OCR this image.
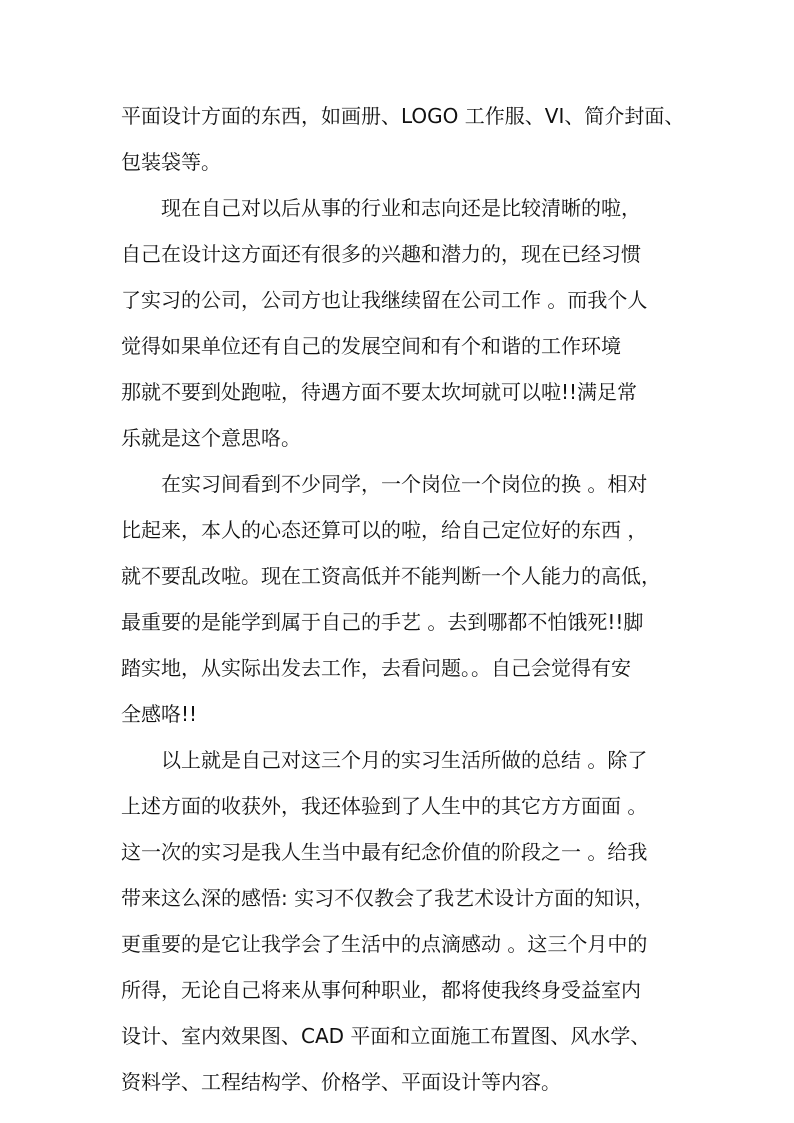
平面设计方面的东西，如画册、LOGO 工作服、VI、简介封面、
包装袋等。

现在自己对以后从事的行业和志向还是比较清晰的啦，
自己在设计这方面还有很多的兴趣和潜力的，现在已经习惯
了实习的公司，公司方也让我继续留在公司工作 。而我个人
觉得如果单位还有自己的发展空间和有个和谐的工作环境
那就不要到处跑啦，待遇方面不要太坎坷就可以啦!!满足常
乐就是这个意思咯。

在实习间看到不少同学，一个岗位一个岗位的换 。相对
比起来，本人的心态还算可以的啦，给自己定位好的东西 ，
就不要乱改啦。现在工资高低并不能判断一个人能力的高低，
最重要的是能学到属于自己的手艺 。去到哪都不怕饿死!!脚
踏实地，从实际出发去工作，去看问题。。自己会觉得有安
全感咯!!

以上就是自己对这三个月的实习生活所做的总结 。除了
上述方面的收获外，我还体验到了人生中的其它方方面面 。
这一次的实习是我人生当中最有纪念价值的阶段之一 。给我
带来这么深的感悟: 实习不仅教会了我艺术设计方面的知识，
更重要的是它让我学会了生活中的点滴感动 。这三个月中的
所得，无论自己将来从事何种职业，都将使我终身受益室内
设计、室内效果图、CAD 平面和立面施工布置图、风水学、
资料学、工程结构学、价格学、平面设计等内容。
